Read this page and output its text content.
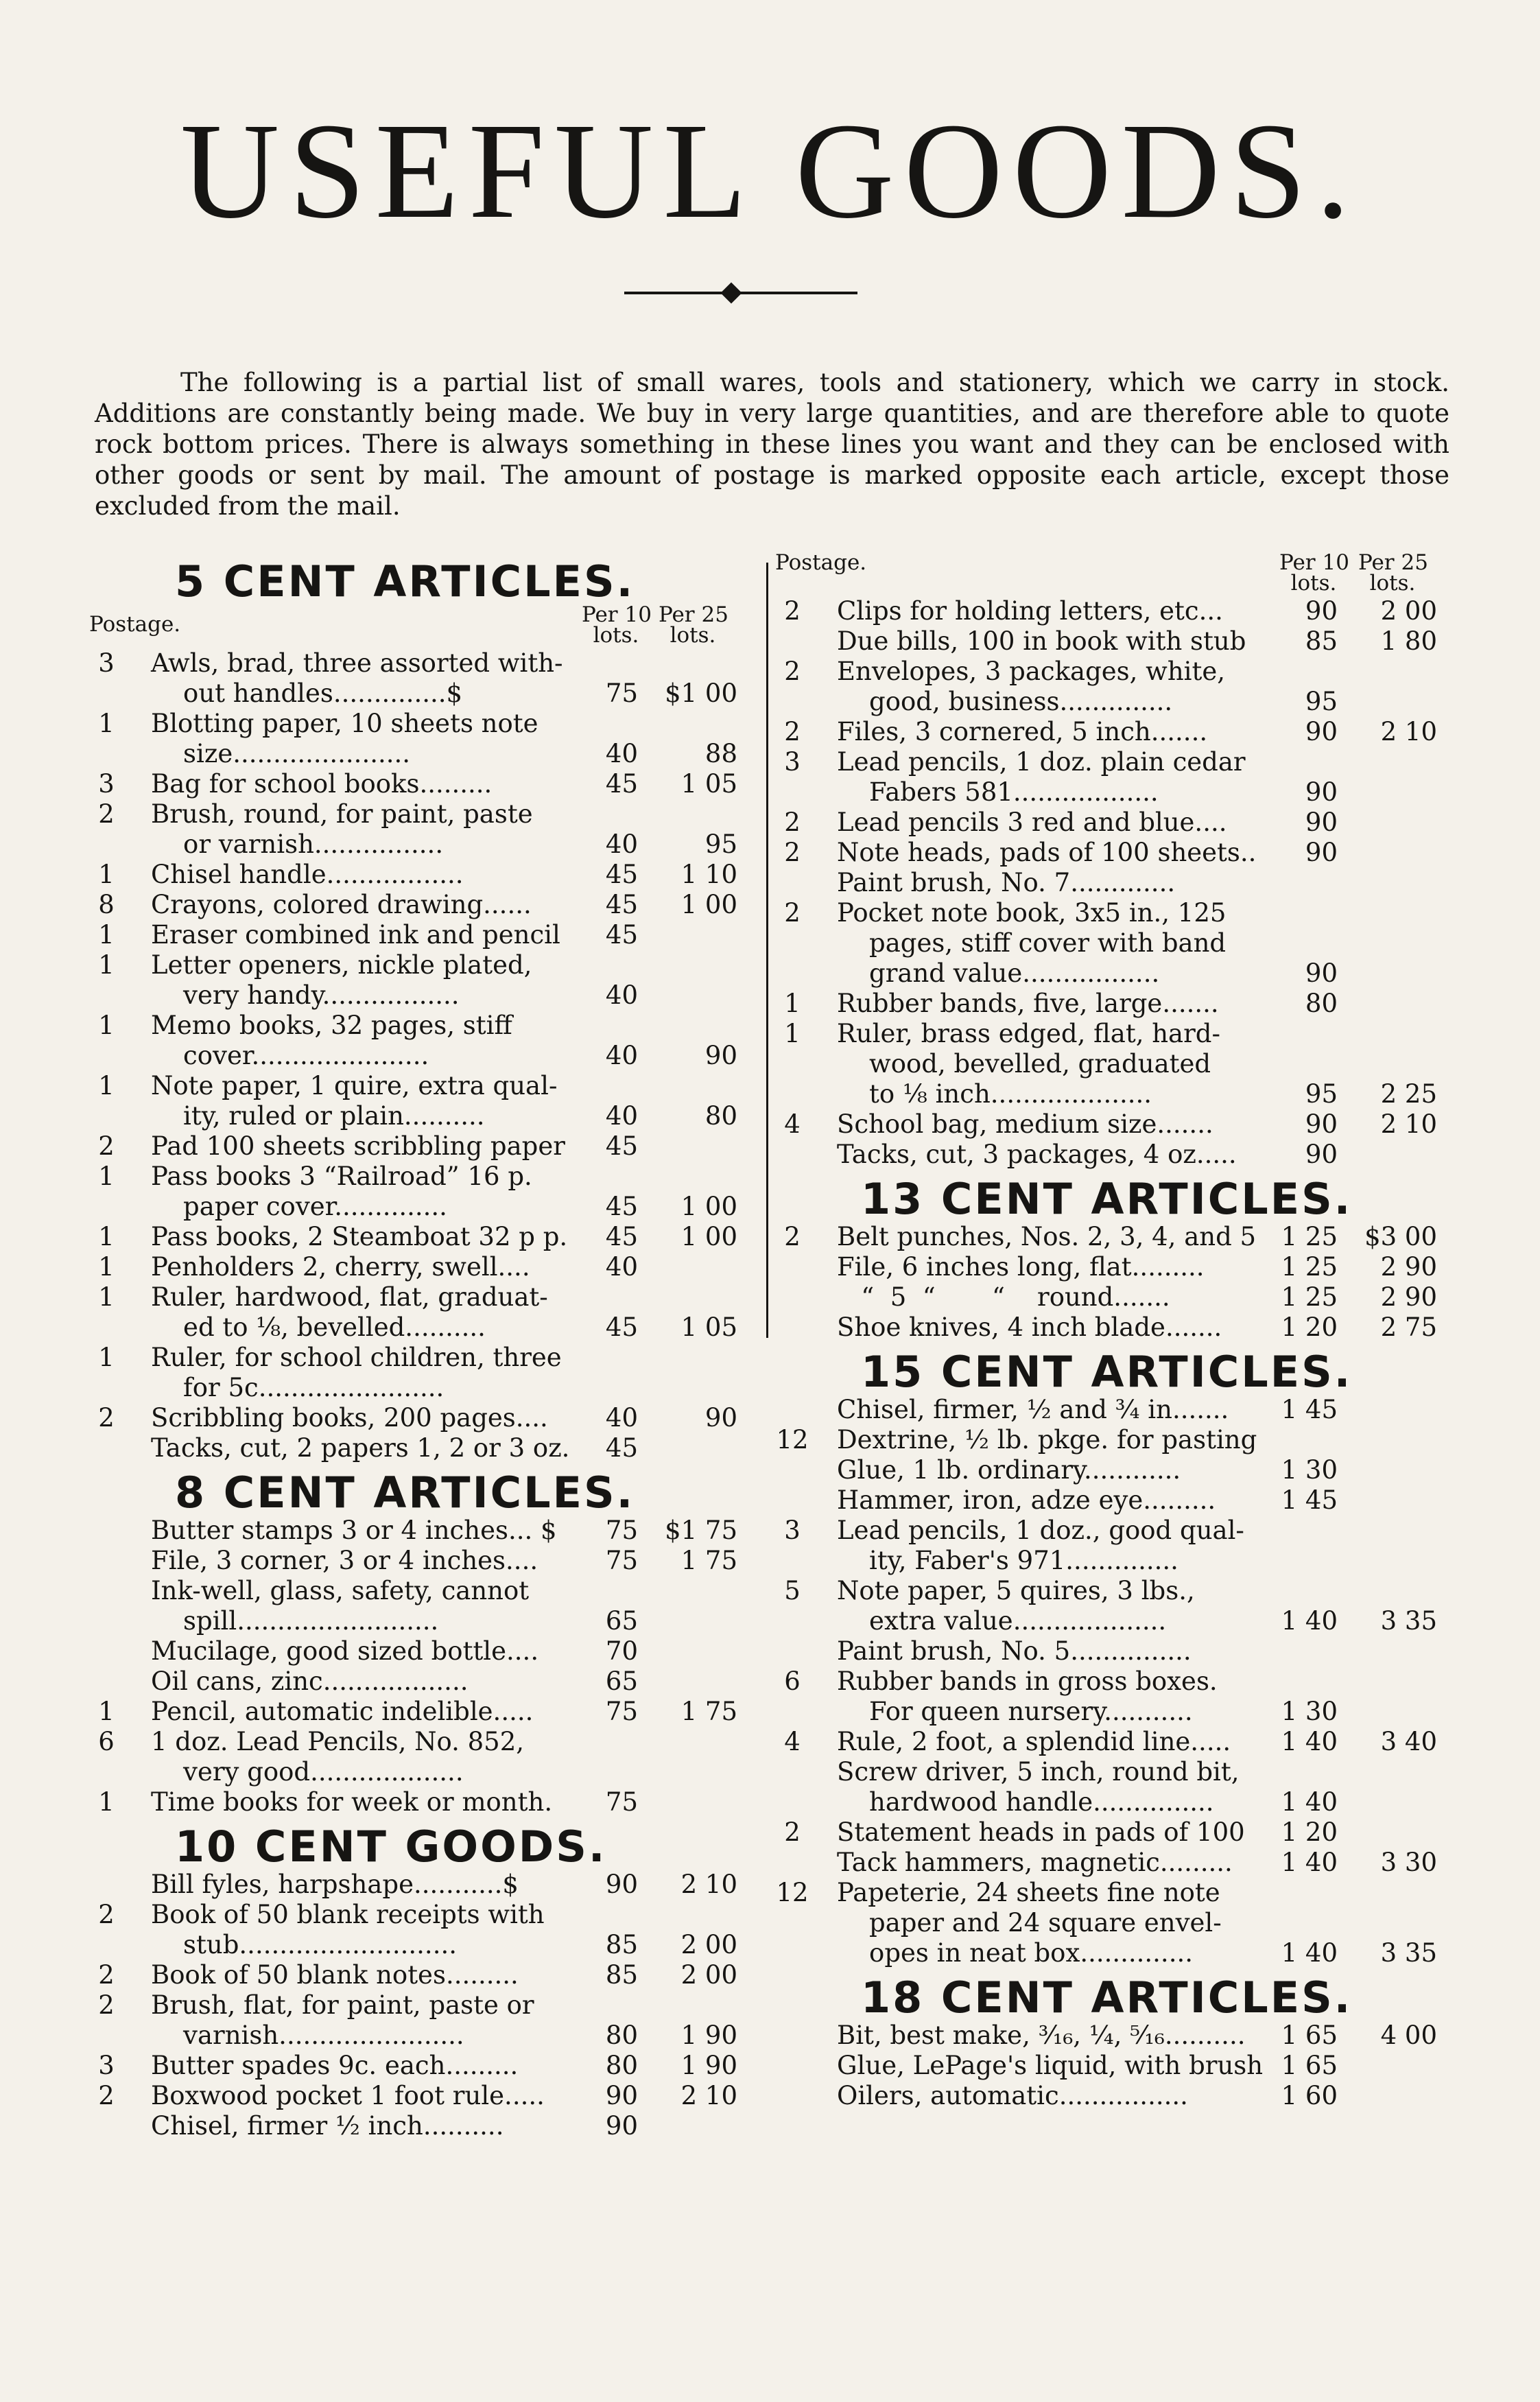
USEFUL GOODS.

The following is a partial list of small wares, tools and stationery, which we carry in stock. Additions are constantly being made. We buy in very large quantities, and are therefore able to quote rock bottom prices. There is always something in these lines you want and they can be enclosed with other goods or sent by mail. The amount of postage is marked opposite each article, except those excluded from the mail.

5 CENT ARTICLES.
Postage.	Per 10
lots.
Per 25
lots.
3	Awls, brad, three assorted with-
out handles..............$	75 $1 00
1	Blotting paper, 10 sheets note
size......................	40	88
3	Bag for school books.........	45	1 05
2	Brush, round, for paint, paste
or varnish................	40	95
1	Chisel handle.................	45	1 10
8	Crayons, colored drawing......	45	1 00
1	Eraser combined ink and pencil	45
1	Letter openers, nickle plated,
very handy.................	40
1	Memo books, 32 pages, stiff
cover......................	40	90
1	Note paper, 1 quire, extra qual-
ity, ruled or plain..........	40	80
2	Pad 100 sheets scribbling paper	45
1	Pass books 3 “Railroad” 16 p.
paper cover..............	45	1 00
1	Pass books, 2 Steamboat 32 p p.	45	1 00
1	Penholders 2, cherry, swell....	40
1	Ruler, hardwood, flat, graduat-
ed to ⅛, bevelled..........	45	1 05
1	Ruler, for school children, three
for 5c.......................
2	Scribbling books, 200 pages....	40	90
Tacks, cut, 2 papers 1, 2 or 3 oz.	45
8 CENT ARTICLES.
Butter stamps 3 or 4 inches... $	75 $1 75
File, 3 corner, 3 or 4 inches....	75	1 75
Ink-well, glass, safety, cannot
spill.........................	65
Mucilage, good sized bottle....	70
Oil cans, zinc..................	65
1	Pencil, automatic indelible.....	75	1 75
6	1 doz. Lead Pencils, No. 852,
very good...................
1	Time books for week or month.	75
10 CENT GOODS.
Bill fyles, harpshape...........$	90	2 10
2	Book of 50 blank receipts with
stub...........................	85	2 00
2	Book of 50 blank notes.........	85	2 00
2	Brush, flat, for paint, paste or
varnish.......................	80	1 90
3	Butter spades 9c. each.........	80	1 90
2	Boxwood pocket 1 foot rule.....	90	2 10
Chisel, firmer ½ inch..........	90
Postage.	Per 10
lots.
Per 25
lots.
2	Clips for holding letters, etc...	90	2 00
Due bills, 100 in book with stub	85	1 80
2	Envelopes, 3 packages, white,
good, business..............	95
2	Files, 3 cornered, 5 inch.......	90	2 10
3	Lead pencils, 1 doz. plain cedar
Fabers 581..................	90
2	Lead pencils 3 red and blue....	90
2	Note heads, pads of 100 sheets..	90
Paint brush, No. 7.............
2	Pocket note book, 3x5 in., 125
pages, stiff cover with band
grand value.................	90
1	Rubber bands, five, large.......	80
1	Ruler, brass edged, flat, hard-
wood, bevelled, graduated
to ⅛ inch....................	95	2 25
4	School bag, medium size.......	90	2 10
Tacks, cut, 3 packages, 4 oz.....	90
13 CENT ARTICLES.
2	Belt punches, Nos. 2, 3, 4, and 5 1 25 $3 00
File, 6 inches long, flat.........	1 25	2 90
“  5  “       “    round.......	1 25	2 90
Shoe knives, 4 inch blade.......	1 20	2 75
15 CENT ARTICLES.
Chisel, firmer, ½ and ¾ in.......	1 45
12 Dextrine, ½ lb. pkge. for pasting
Glue, 1 lb. ordinary............	1 30
Hammer, iron, adze eye.........	1 45
3	Lead pencils, 1 doz., good qual-
ity, Faber's 971..............
5	Note paper, 5 quires, 3 lbs.,
extra value...................	1 40	3 35
Paint brush, No. 5...............
6	Rubber bands in gross boxes.
For queen nursery...........	1 30
4	Rule, 2 foot, a splendid line.....	1 40	3 40
Screw driver, 5 inch, round bit,
hardwood handle...............	1 40
2	Statement heads in pads of 100	1 20
Tack hammers, magnetic.........	1 40	3 30
12 Papeterie, 24 sheets fine note
paper and 24 square envel-
opes in neat box..............	1 40	3 35
18 CENT ARTICLES.
Bit, best make, ³⁄₁₆, ¼, ⁵⁄₁₆..........	1 65	4 00
Glue, LePage's liquid, with brush 1 65
Oilers, automatic................	1 60
